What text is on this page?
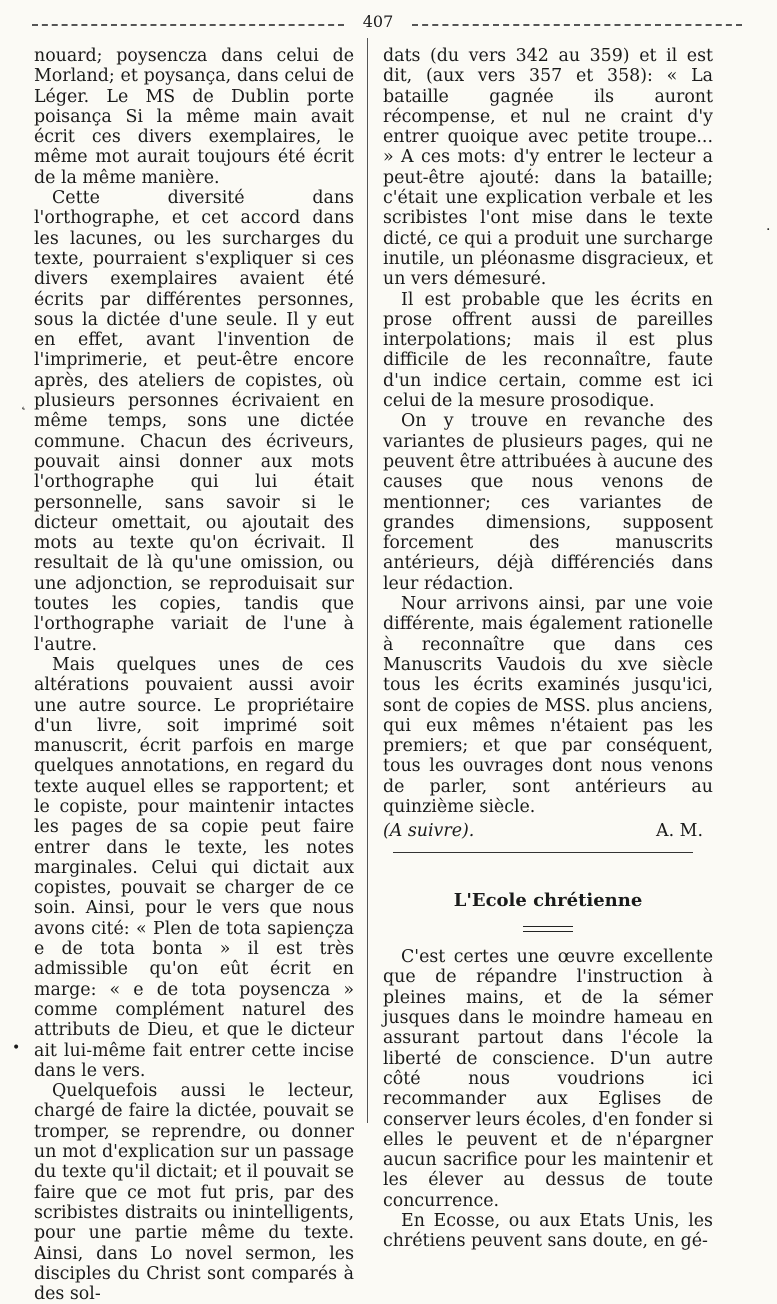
407

nouard; poysencza dans celui de Morland; et poysança, dans celui de Léger. Le MS de Dublin porte poisança Si la même main avait écrit ces divers exemplaires, le même mot aurait toujours été écrit de la même manière.

Cette diversité dans l'orthographe, et cet accord dans les lacunes, ou les surcharges du texte, pourraient s'expliquer si ces divers exemplaires avaient été écrits par différentes personnes, sous la dictée d'une seule. Il y eut en effet, avant l'invention de l'imprimerie, et peut-être encore après, des ateliers de copistes, où plusieurs personnes écrivaient en même temps, sons une dictée commune. Chacun des écriveurs, pouvait ainsi donner aux mots l'orthographe qui lui était personnelle, sans savoir si le dicteur omettait, ou ajoutait des mots au texte qu'on écrivait. Il resultait de là qu'une omission, ou une adjonction, se reproduisait sur toutes les copies, tandis que l'orthographe variait de l'une à l'autre.

Mais quelques unes de ces altérations pouvaient aussi avoir une autre source. Le propriétaire d'un livre, soit imprimé soit manuscrit, écrit parfois en marge quelques annotations, en regard du texte auquel elles se rapportent; et le copiste, pour maintenir intactes les pages de sa copie peut faire entrer dans le texte, les notes marginales. Celui qui dictait aux copistes, pouvait se charger de ce soin. Ainsi, pour le vers que nous avons cité: « Plen de tota sapiençza e de tota bonta » il est très admissible qu'on eût écrit en marge: « e de tota poysencza » comme complément naturel des attributs de Dieu, et que le dicteur ait lui-même fait entrer cette incise dans le vers.

Quelquefois aussi le lecteur, chargé de faire la dictée, pouvait se tromper, se reprendre, ou donner un mot d'explication sur un passage du texte qu'il dictait; et il pouvait se faire que ce mot fut pris, par des scribistes distraits ou inintelligents, pour une partie même du texte. Ainsi, dans Lo novel sermon, les disciples du Christ sont comparés à des sol-

dats (du vers 342 au 359) et il est dit, (aux vers 357 et 358): « La bataille gagnée ils auront récompense, et nul ne craint d'y entrer quoique avec petite troupe... » A ces mots: d'y entrer le lecteur a peut-être ajouté: dans la bataille; c'était une explication verbale et les scribistes l'ont mise dans le texte dicté, ce qui a produit une surcharge inutile, un pléonasme disgracieux, et un vers démesuré.

Il est probable que les écrits en prose offrent aussi de pareilles interpolations; mais il est plus difficile de les reconnaître, faute d'un indice certain, comme est ici celui de la mesure prosodique.

On y trouve en revanche des variantes de plusieurs pages, qui ne peuvent être attribuées à aucune des causes que nous venons de mentionner; ces variantes de grandes dimensions, supposent forcement des manuscrits antérieurs, déjà différenciés dans leur rédaction.

Nour arrivons ainsi, par une voie différente, mais également rationelle à reconnaître que dans ces Manuscrits Vaudois du xve siècle tous les écrits examinés jusqu'ici, sont de copies de MSS. plus anciens, qui eux mêmes n'étaient pas les premiers; et que par conséquent, tous les ouvrages dont nous venons de parler, sont antérieurs au quinzième siècle.

(A suivre).	A. M.
L'Ecole chrétienne

C'est certes une œuvre excellente que de répandre l'instruction à pleines mains, et de la sémer jusques dans le moindre hameau en assurant partout dans l'école la liberté de conscience. D'un autre côté nous voudrions ici recommander aux Eglises de conserver leurs écoles, d'en fonder si elles le peuvent et de n'épargner aucun sacrifice pour les maintenir et les élever au dessus de toute concurrence.

En Ecosse, ou aux Etats Unis, les chrétiens peuvent sans doute, en gé-

˛
·
•
